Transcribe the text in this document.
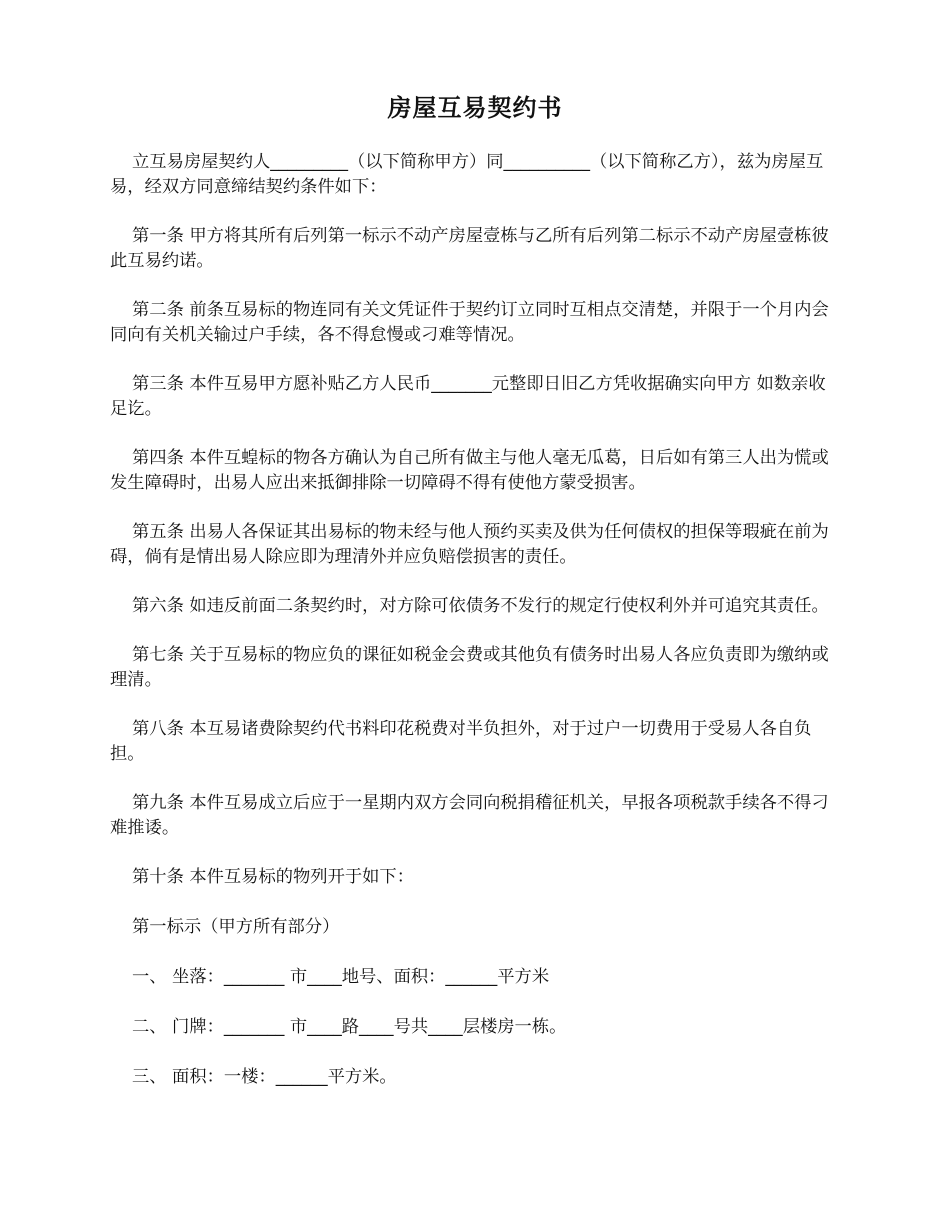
房屋互易契约书

立互易房屋契约人_________（以下简称甲方）同__________（以下简称乙方），兹为房屋互易，经双方同意缔结契约条件如下：

第一条 甲方将其所有后列第一标示不动产房屋壹栋与乙所有后列第二标示不动产房屋壹栋彼此互易约诺。

第二条 前条互易标的物连同有关文凭证件于契约订立同时互相点交清楚，并限于一个月内会同向有关机关输过户手续，各不得怠慢或刁难等情况。

第三条 本件互易甲方愿补贴乙方人民币_______元整即日旧乙方凭收据确实向甲方 如数亲收足讫。

第四条 本件互蝗标的物各方确认为自己所有做主与他人毫无瓜葛，日后如有第三人出为慌或发生障碍时，出易人应出来抵御排除一切障碍不得有使他方蒙受损害。

第五条 出易人各保证其出易标的物未经与他人预约买卖及供为任何债权的担保等瑕疵在前为碍，倘有是情出易人除应即为理清外并应负赔偿损害的责任。

第六条 如违反前面二条契约时，对方除可依债务不发行的规定行使权利外并可追究其责任。

第七条 关于互易标的物应负的课征如税金会费或其他负有债务时出易人各应负责即为缴纳或理清。

第八条 本互易诸费除契约代书料印花税费对半负担外，对于过户一切费用于受易人各自负担。

第九条 本件互易成立后应于一星期内双方会同向税捐稽征机关，早报各项税款手续各不得刁难推诿。

第十条 本件互易标的物列开于如下：

第一标示（甲方所有部分）

一、 坐落：_______ 市____地号、面积：______平方米

二、 门牌：_______ 市____路____号共____层楼房一栋。

三、 面积：一楼：______平方米。
